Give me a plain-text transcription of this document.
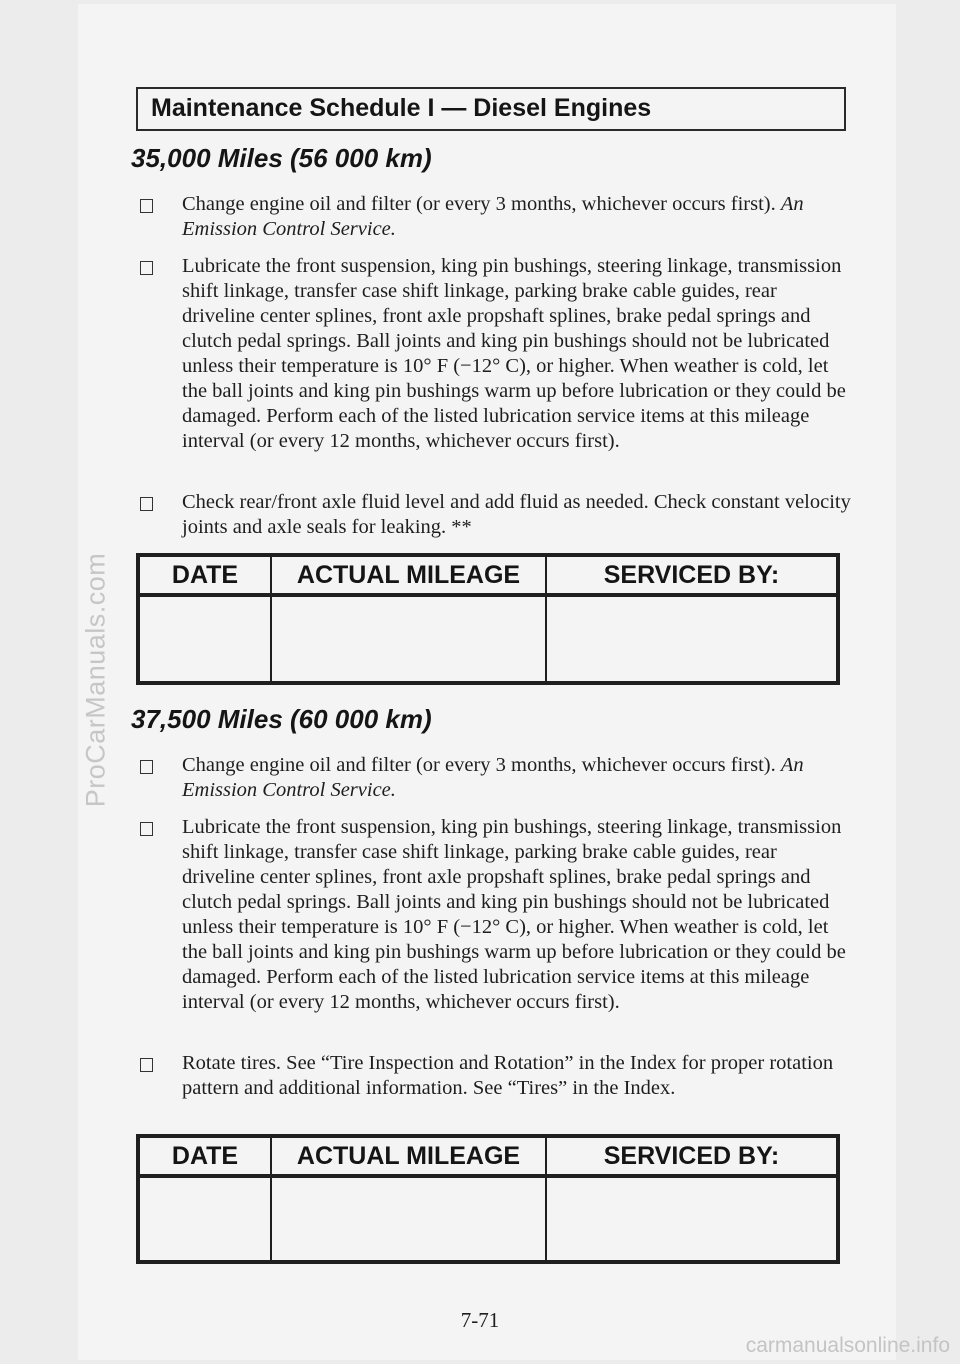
ProCarManuals.com
Maintenance Schedule I — Diesel Engines
35,000 Miles (56 000 km)
Change engine oil and filter (or every 3 months, whichever occurs first). An Emission Control Service.
Lubricate the front suspension, king pin bushings, steering linkage, transmission shift linkage, transfer case shift linkage, parking brake cable guides, rear driveline center splines, front axle propshaft splines, brake pedal springs and clutch pedal springs. Ball joints and king pin bushings should not be lubricated unless their temperature is 10° F (−12° C), or higher. When weather is cold, let the ball joints and king pin bushings warm up before lubrication or they could be damaged. Perform each of the listed lubrication service items at this mileage interval (or every 12 months, whichever occurs first).
Check rear/front axle fluid level and add fluid as needed. Check constant velocity joints and axle seals for leaking. **
DATE	ACTUAL MILEAGE	SERVICED BY:

37,500 Miles (60 000 km)
Change engine oil and filter (or every 3 months, whichever occurs first). An Emission Control Service.
Lubricate the front suspension, king pin bushings, steering linkage, transmission shift linkage, transfer case shift linkage, parking brake cable guides, rear driveline center splines, front axle propshaft splines, brake pedal springs and clutch pedal springs. Ball joints and king pin bushings should not be lubricated unless their temperature is 10° F (−12° C), or higher. When weather is cold, let the ball joints and king pin bushings warm up before lubrication or they could be damaged. Perform each of the listed lubrication service items at this mileage interval (or every 12 months, whichever occurs first).
Rotate tires. See “Tire Inspection and Rotation” in the Index for proper rotation pattern and additional information. See “Tires” in the Index.
DATE	ACTUAL MILEAGE	SERVICED BY:

7-71
carmanualsonline.info
